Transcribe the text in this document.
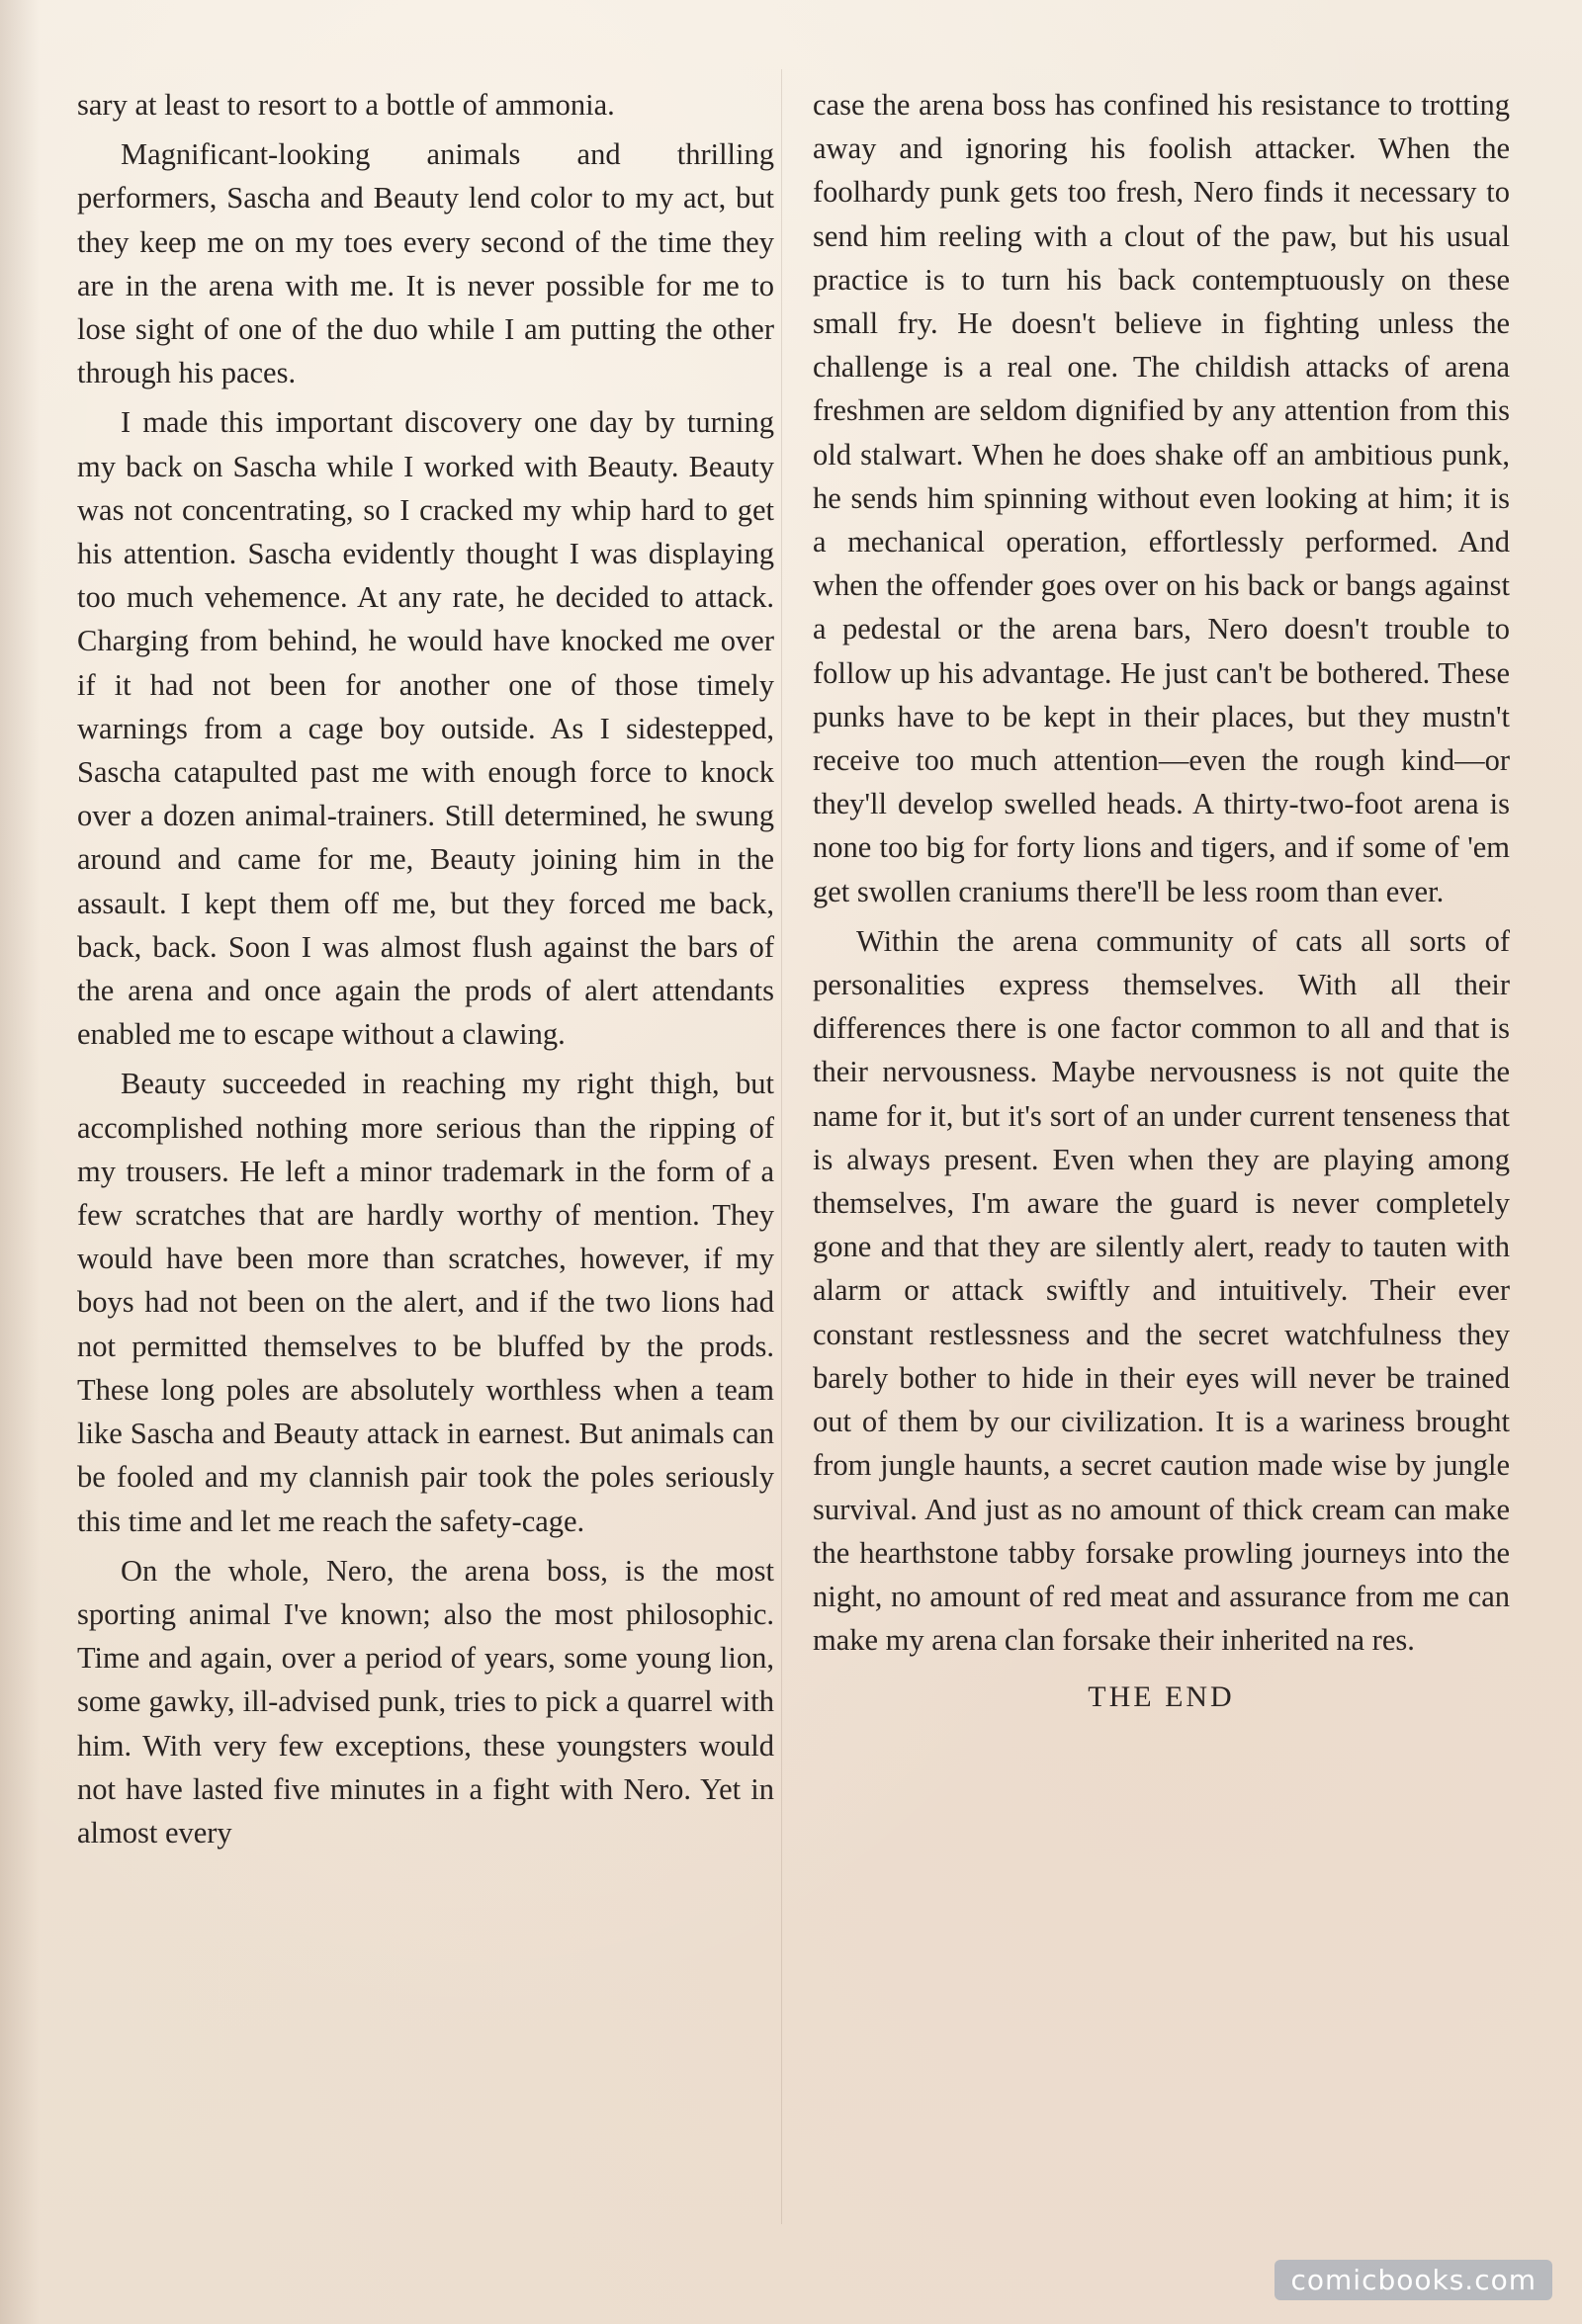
sary at least to resort to a bottle of ammonia.

Magnificant-looking animals and thrilling performers, Sascha and Beauty lend color to my act, but they keep me on my toes every second of the time they are in the arena with me. It is never possible for me to lose sight of one of the duo while I am putting the other through his paces.

I made this important discovery one day by turning my back on Sascha while I worked with Beauty. Beauty was not concentrating, so I cracked my whip hard to get his attention. Sascha evidently thought I was displaying too much vehemence. At any rate, he decided to attack. Charging from behind, he would have knocked me over if it had not been for another one of those timely warnings from a cage boy outside. As I sidestepped, Sascha catapulted past me with enough force to knock over a dozen animal-trainers. Still determined, he swung around and came for me, Beauty joining him in the assault. I kept them off me, but they forced me back, back, back. Soon I was almost flush against the bars of the arena and once again the prods of alert attendants enabled me to escape without a clawing.

Beauty succeeded in reaching my right thigh, but accomplished nothing more serious than the ripping of my trousers. He left a minor trademark in the form of a few scratches that are hardly worthy of mention. They would have been more than scratches, however, if my boys had not been on the alert, and if the two lions had not permitted themselves to be bluffed by the prods. These long poles are absolutely worthless when a team like Sascha and Beauty attack in earnest. But animals can be fooled and my clannish pair took the poles seriously this time and let me reach the safety-cage.

On the whole, Nero, the arena boss, is the most sporting animal I've known; also the most philosophic. Time and again, over a period of years, some young lion, some gawky, ill-advised punk, tries to pick a quarrel with him. With very few exceptions, these youngsters would not have lasted five minutes in a fight with Nero. Yet in almost every

case the arena boss has confined his resistance to trotting away and ignoring his foolish attacker. When the foolhardy punk gets too fresh, Nero finds it necessary to send him reeling with a clout of the paw, but his usual practice is to turn his back contemptuously on these small fry. He doesn't believe in fighting unless the challenge is a real one. The childish attacks of arena freshmen are seldom dignified by any attention from this old stalwart. When he does shake off an ambitious punk, he sends him spinning without even looking at him; it is a mechanical operation, effortlessly performed. And when the offender goes over on his back or bangs against a pedestal or the arena bars, Nero doesn't trouble to follow up his advantage. He just can't be bothered. These punks have to be kept in their places, but they mustn't receive too much attention—even the rough kind—or they'll develop swelled heads. A thirty-two-foot arena is none too big for forty lions and tigers, and if some of 'em get swollen craniums there'll be less room than ever.

Within the arena community of cats all sorts of personalities express themselves. With all their differences there is one factor common to all and that is their nervousness. Maybe nervousness is not quite the name for it, but it's sort of an under current tenseness that is always present. Even when they are playing among themselves, I'm aware the guard is never completely gone and that they are silently alert, ready to tauten with alarm or attack swiftly and intuitively. Their ever constant restlessness and the secret watchfulness they barely bother to hide in their eyes will never be trained out of them by our civilization. It is a wariness brought from jungle haunts, a secret caution made wise by jungle survival. And just as no amount of thick cream can make the hearthstone tabby forsake prowling journeys into the night, no amount of red meat and assurance from me can make my arena clan forsake their inherited na res.

THE END

comicbooks.com
